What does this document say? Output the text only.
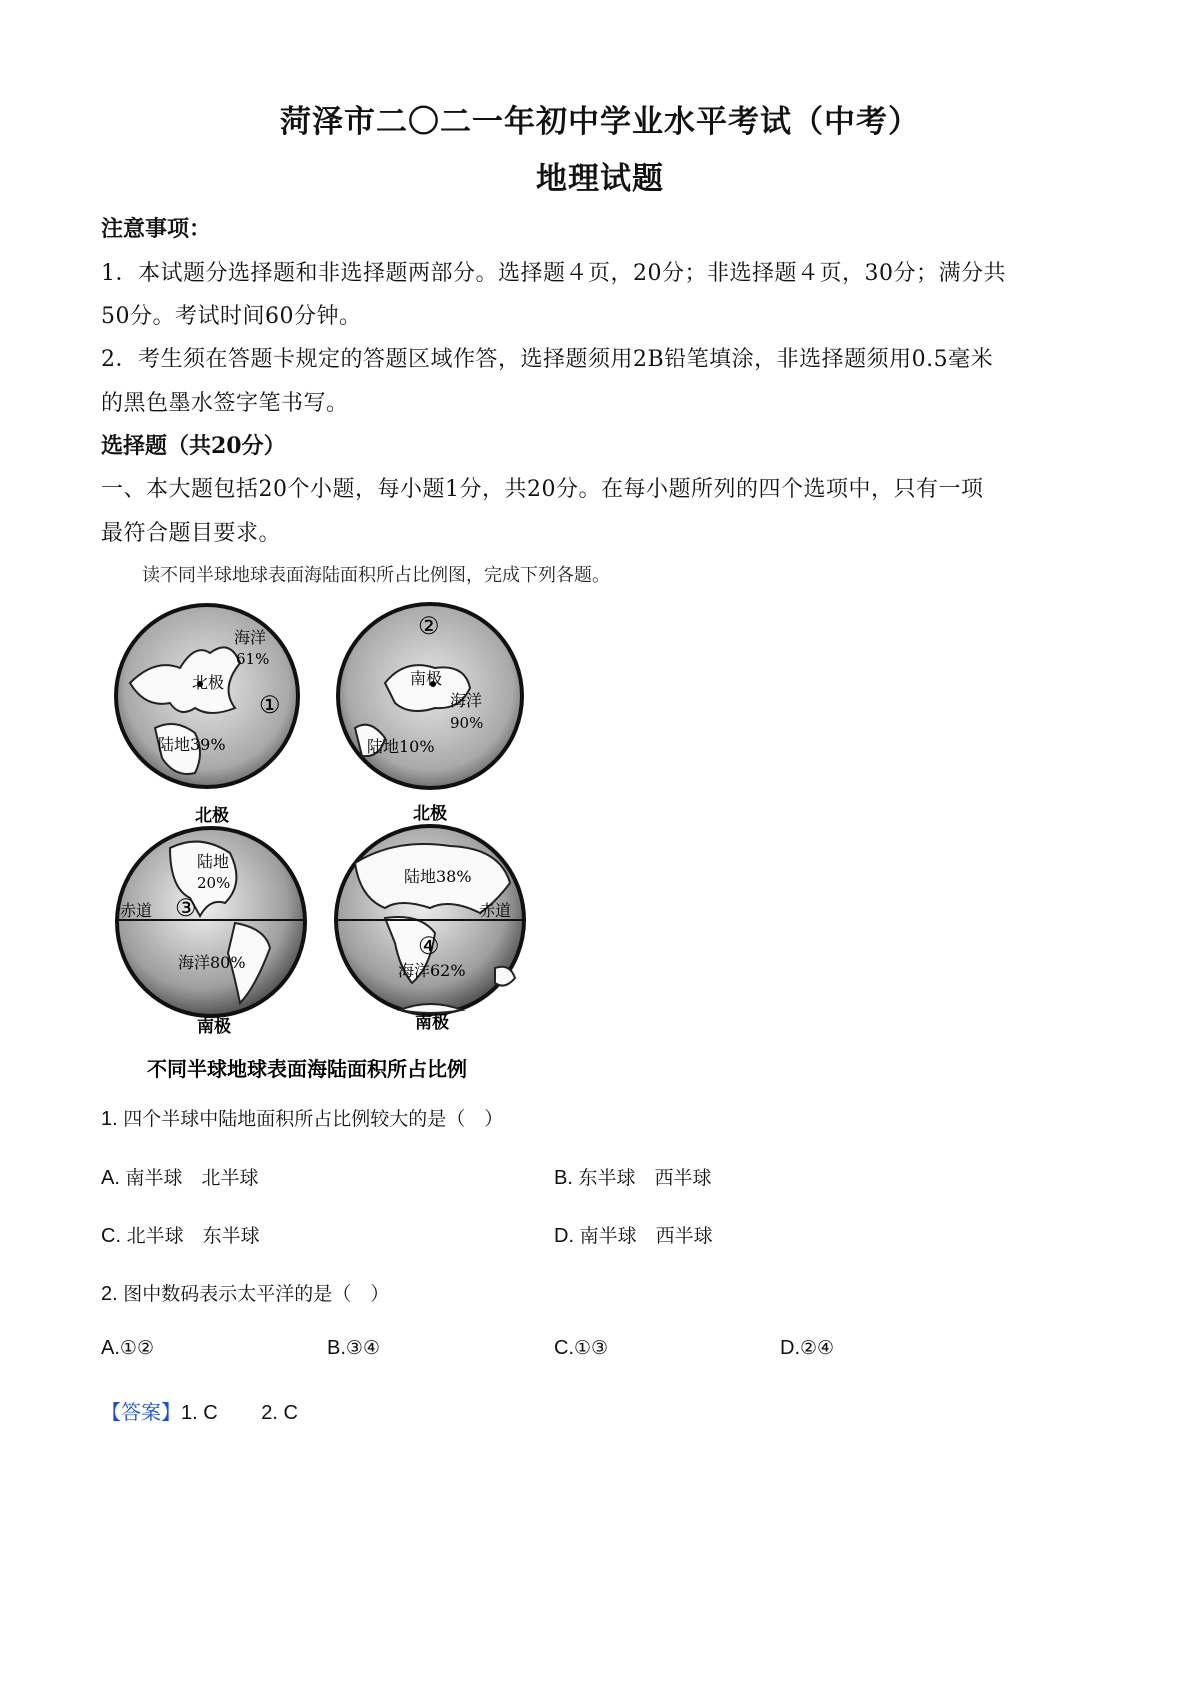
菏泽市二〇二一年初中学业水平考试（中考）
地理试题

注意事项：

1．本试题分选择题和非选择题两部分。选择题４页，20分；非选择题４页，30分；满分共

50分。考试时间60分钟。

2．考生须在答题卡规定的答题区域作答，选择题须用2B铅笔填涂，非选择题须用0.5毫米

的黑色墨水签字笔书写。

选择题（共20分）

一、本大题包括20个小题，每小题1分，共20分。在每小题所列的四个选项中，只有一项

最符合题目要求。

读不同半球地球表面海陆面积所占比例图，完成下列各题。

海洋
61%
北极
陆地39%
①
②
南极
海洋
90%
陆地10%
北极
陆地
20%
赤道 ③
海洋80%
南极
北极
陆地38%
赤道
④
海洋62%
南极
不同半球地球表面海陆面积所占比例

1. 四个半球中陆地面积所占比例较大的是（　）

A. 南半球　北半球	B. 东半球　西半球

C. 北半球　东半球	D. 南半球　西半球

2. 图中数码表示太平洋的是（　）

A.①②	B.③④	C.①③	D.②④

【答案】1. C 2. C
